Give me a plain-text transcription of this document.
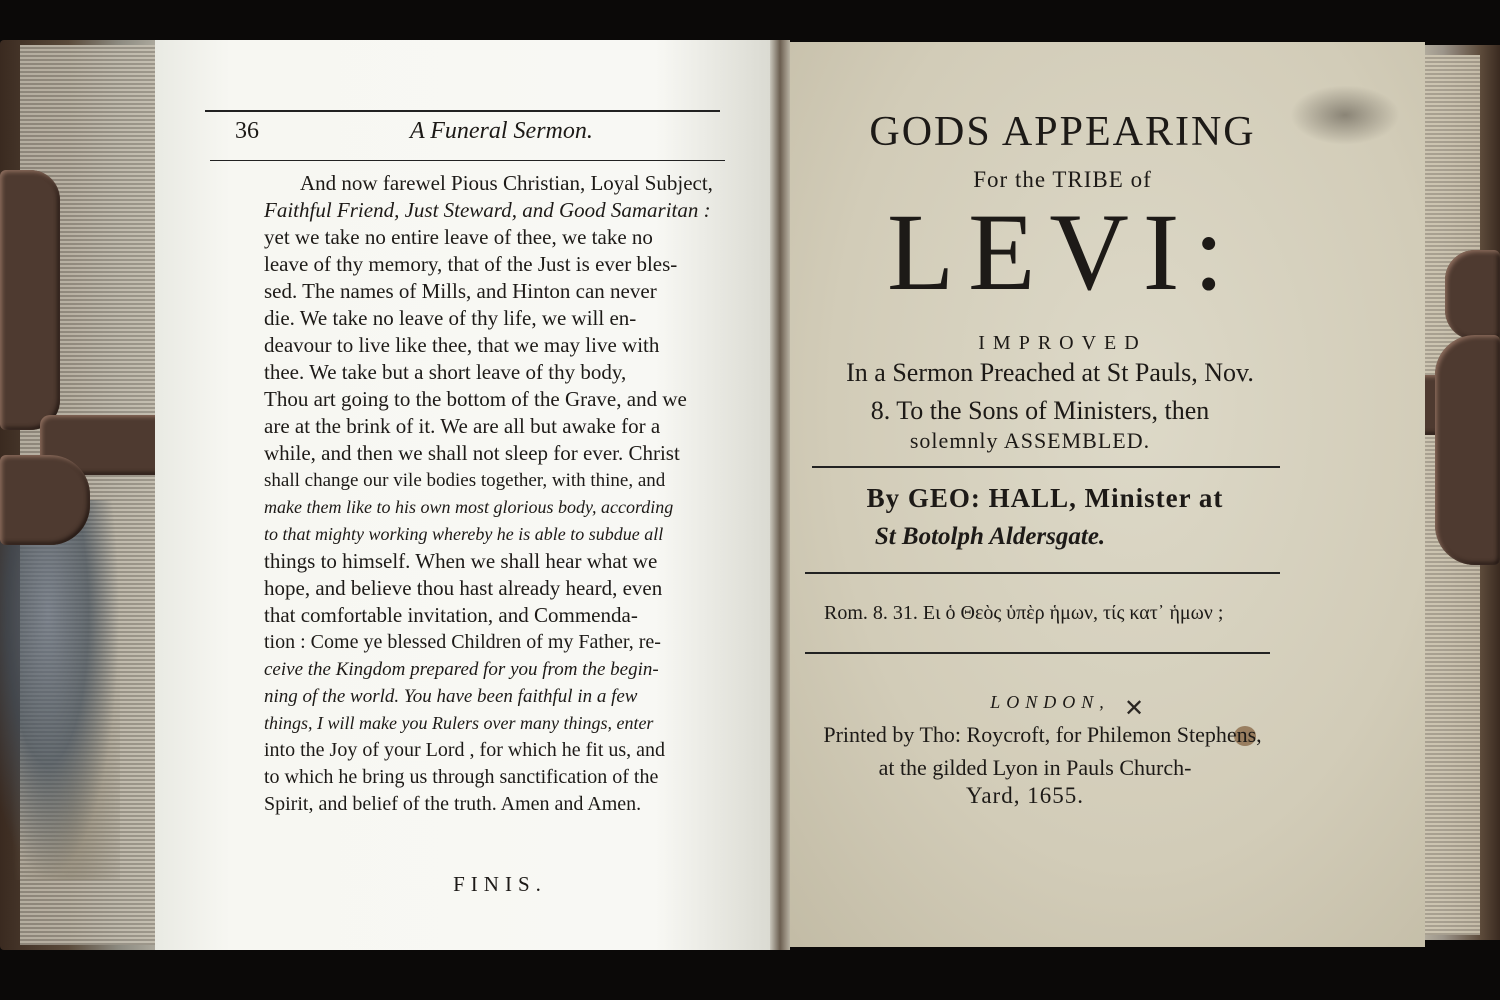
36	A Funeral Sermon.
And now farewel Pious Christian, Loyal Subject,
Faithful Friend, Just Steward, and Good Samaritan :
yet we take no entire leave of thee, we take no
leave of thy memory, that of the Just is ever bles-
sed. The names of Mills, and Hinton can never
die. We take no leave of thy life, we will en-
deavour to live like thee, that we may live with
thee. We take but a short leave of thy body,
Thou art going to the bottom of the Grave, and we
are at the brink of it. We are all but awake for a
while, and then we shall not sleep for ever. Christ
shall change our vile bodies together, with thine, and
make them like to his own most glorious body, according
to that mighty working whereby he is able to subdue all
things to himself. When we shall hear what we
hope, and believe thou hast already heard, even
that comfortable invitation, and Commenda-
tion : Come ye blessed Children of my Father, re-
ceive the Kingdom prepared for you from the begin-
ning of the world. You have been faithful in a few
things, I will make you Rulers over many things, enter
into the Joy of your Lord , for which he fit us, and
to which he bring us through sanctification of the
Spirit, and belief of the truth. Amen and Amen.
FINIS.
GODS APPEARING
For the TRIBE of
LEVI:
IMPROVED
In a Sermon Preached at St Pauls, Nov.
8. To the Sons of Ministers, then
solemnly ASSEMBLED.
By GEO: HALL, Minister at
St Botolph Aldersgate.
Rom. 8. 31. Ει ὁ Θεὸς ὑπὲρ ἡμων, τίς κατ᾽ ἡμων ;
LONDON, ✕
Printed by Tho: Roycroft, for Philemon Stephens,
at the gilded Lyon in Pauls Church-
Yard, 1655.
